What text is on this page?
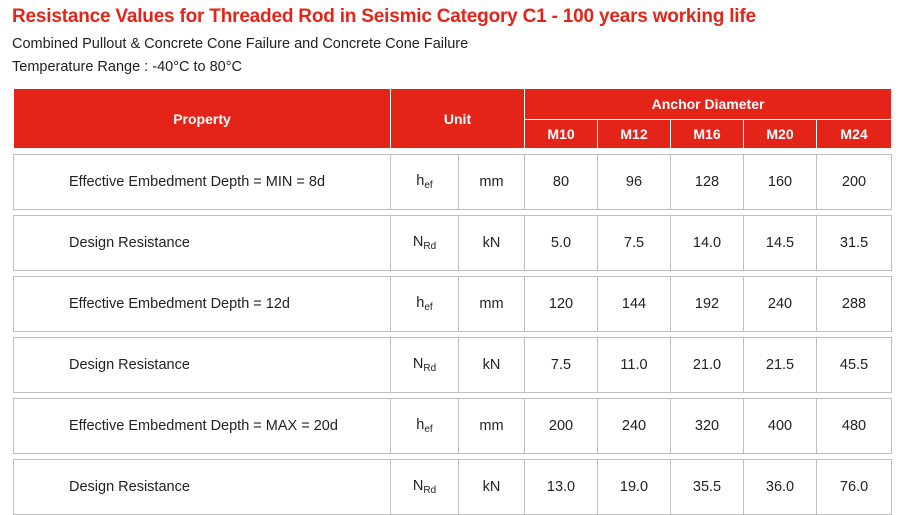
Resistance Values for Threaded Rod in Seismic Category C1 - 100 years working life
Combined Pullout & Concrete Cone Failure and Concrete Cone Failure
Temperature Range : -40°C to 80°C
Property	Unit		Anchor Diameter				
			M10	M12	M16	M20	M24

Effective Embedment Depth = MIN = 8d	$h_{ef}$	mm	80	96	128	160	200

Design Resistance	$N_{Rd}$	kN	5.0	7.5	14.0	14.5	31.5

Effective Embedment Depth = 12d	$h_{ef}$	mm	120	144	192	240	288

Design Resistance	$N_{Rd}$	kN	7.5	11.0	21.0	21.5	45.5

Effective Embedment Depth = MAX = 20d	$h_{ef}$	mm	200	240	320	400	480

Design Resistance	$N_{Rd}$	kN	13.0	19.0	35.5	36.0	76.0
